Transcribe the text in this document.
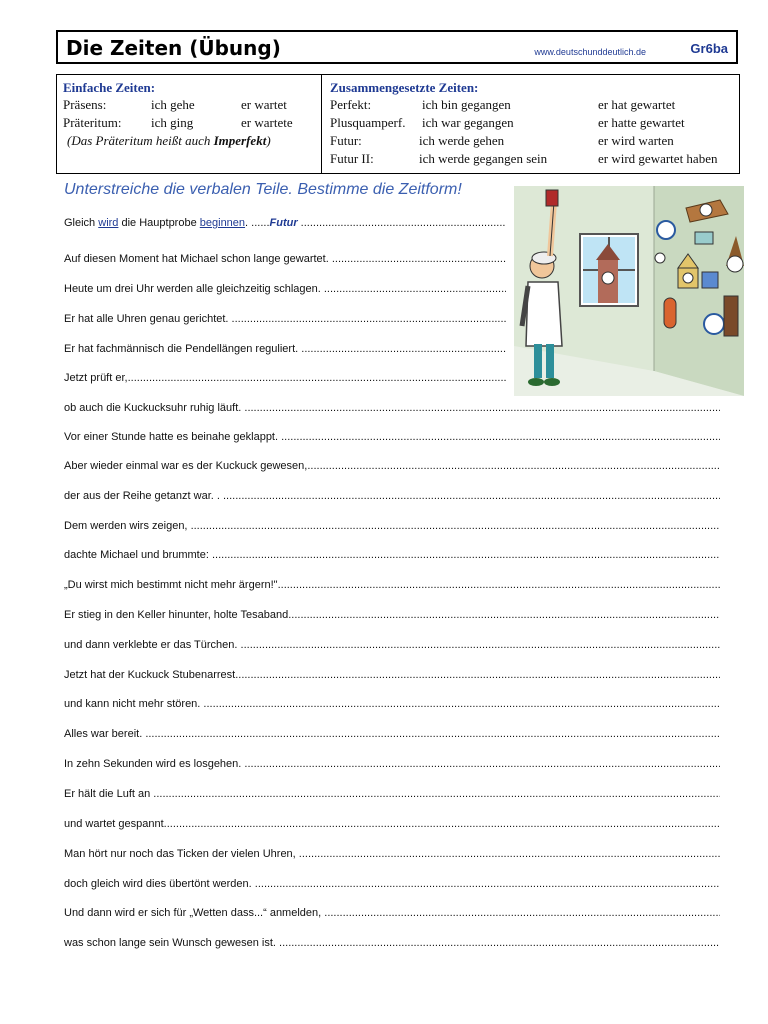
Die Zeiten (Übung)	www.deutschunddeutlich.de	Gr6ba
Einfache Zeiten:
Präsens:	ich gehe	er wartet
Präteritum: ich ging	er wartete
(Das Präteritum heißt auch Imperfekt)
Zusammengesetzte Zeiten:
Perfekt:	ich bin gegangen	er hat gewartet
Plusquamperf. ich war gegangen	er hatte gewartet
Futur:	ich werde gehen	er wird warten
Futur II:	ich werde gegangen sein	er wird gewartet haben
Unterstreiche die verbalen Teile. Bestimme die Zeitform!
Gleich wird die Hauptprobe beginnen. ......Futur .....
Auf diesen Moment hat Michael schon lange gewartet. .....
Heute um drei Uhr werden alle gleichzeitig schlagen. .....
Er hat alle Uhren genau gerichtet. .....
Er hat fachmännisch die Pendellängen reguliert. .....
Jetzt prüft er, .....
ob auch die Kuckucksuhr ruhig läuft. .....
Vor einer Stunde hatte es beinahe geklappt. .....
Aber wieder einmal war es der Kuckuck gewesen, .....
der aus der Reihe getanzt war. . .....
Dem werden wirs zeigen, .....
dachte Michael und brummte: .....
„Du wirst mich bestimmt nicht mehr ärgern!" .....
Er stieg in den Keller hinunter, holte Tesaband .....
und dann verklebte er das Türchen. .....
Jetzt hat der Kuckuck Stubenarrest .....
und kann nicht mehr stören. .....
Alles war bereit. .....
In zehn Sekunden wird es losgehen. .....
Er hält die Luft an .....
und wartet gespannt. .....
Man hört nur noch das Ticken der vielen Uhren, .....
doch gleich wird dies übertönt werden. .....
Und dann wird er sich für „Wetten dass...“ anmelden, .....
was schon lange sein Wunsch gewesen ist. .....
